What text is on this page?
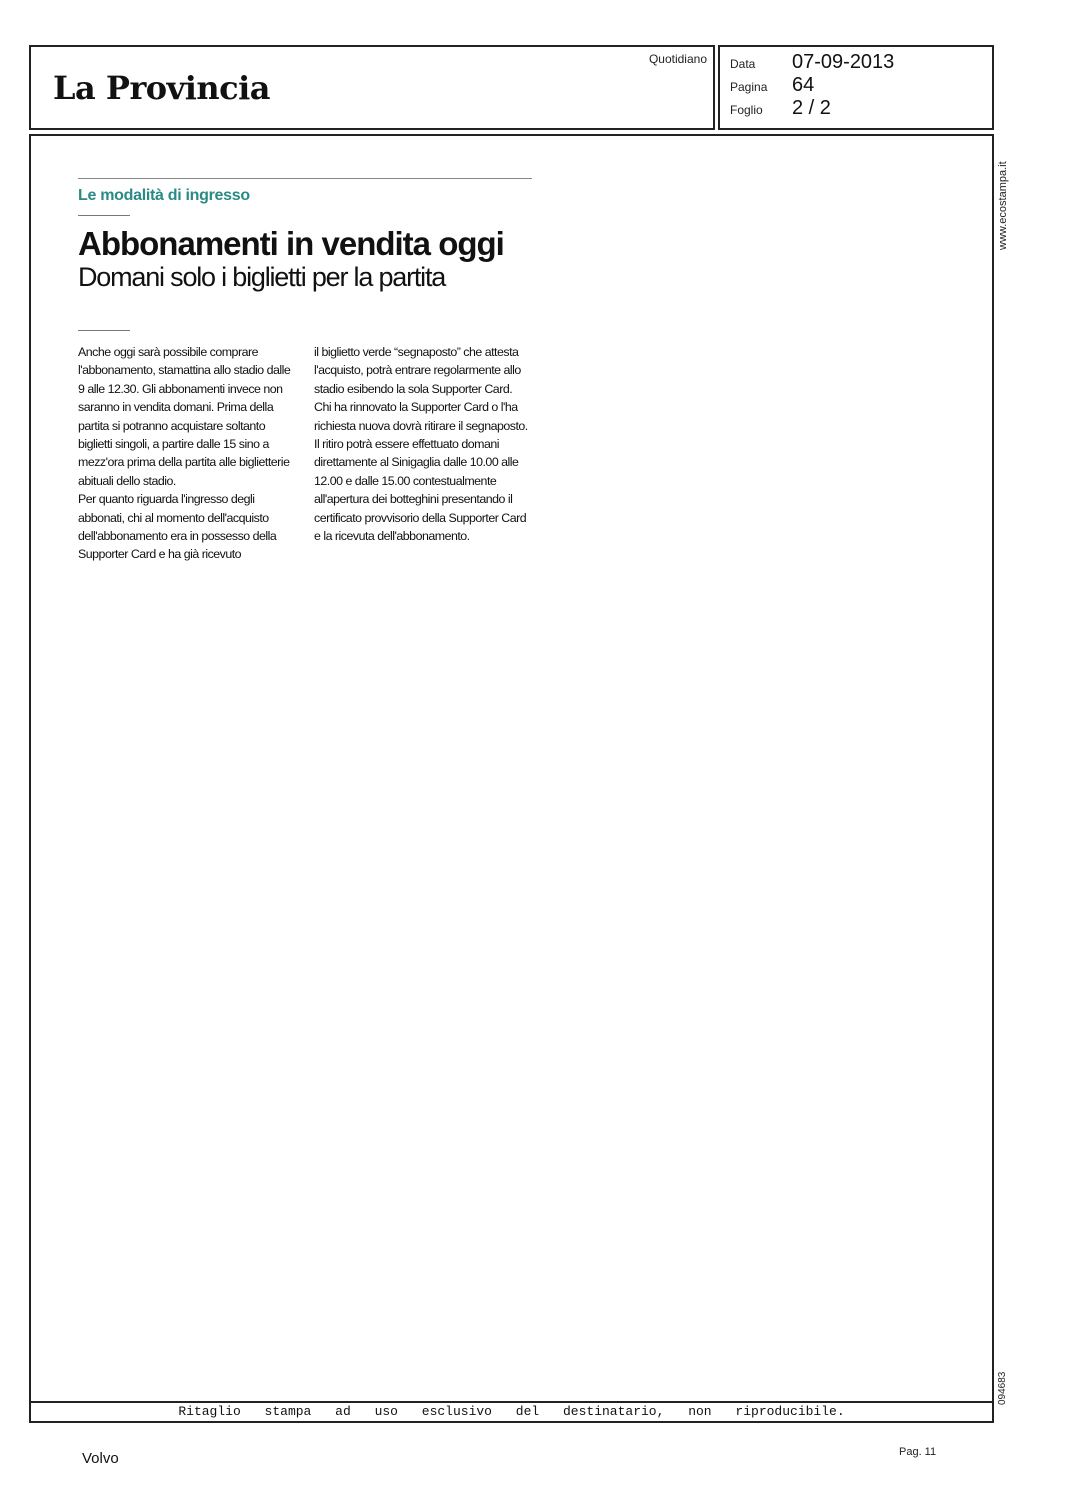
La Provincia
Quotidiano Data	07-09-2013
Pagina	64
Foglio	2 / 2
Ritaglio stampa ad uso esclusivo del destinatario, non riproducibile.
www.ecostampa.it
094683
Le modalità di ingresso
Abbonamenti in vendita oggi
Domani solo i biglietti per la partita

Anche oggi sarà possibile comprare l'abbonamento, stamattina allo stadio dalle 9 alle 12.30. Gli abbonamenti invece non saranno in vendita domani. Prima della partita si potranno acquistare soltanto biglietti singoli, a partire dalle 15 sino a mezz'ora prima della partita alle biglietterie abituali dello stadio.

Per quanto riguarda l'ingresso degli abbonati, chi al momento dell'acquisto dell'abbonamento era in possesso della Supporter Card e ha già ricevuto

il biglietto verde “segnaposto” che attesta l'acquisto, potrà entrare regolarmente allo stadio esibendo la sola Supporter Card.

Chi ha rinnovato la Supporter Card o l'ha richiesta nuova dovrà ritirare il segnaposto. Il ritiro potrà essere effettuato domani direttamente al Sinigaglia dalle 10.00 alle 12.00 e dalle 15.00 contestualmente all'apertura dei botteghini presentando il certificato provvisorio della Supporter Card e la ricevuta dell'abbonamento.

Volvo	Pag. 11
